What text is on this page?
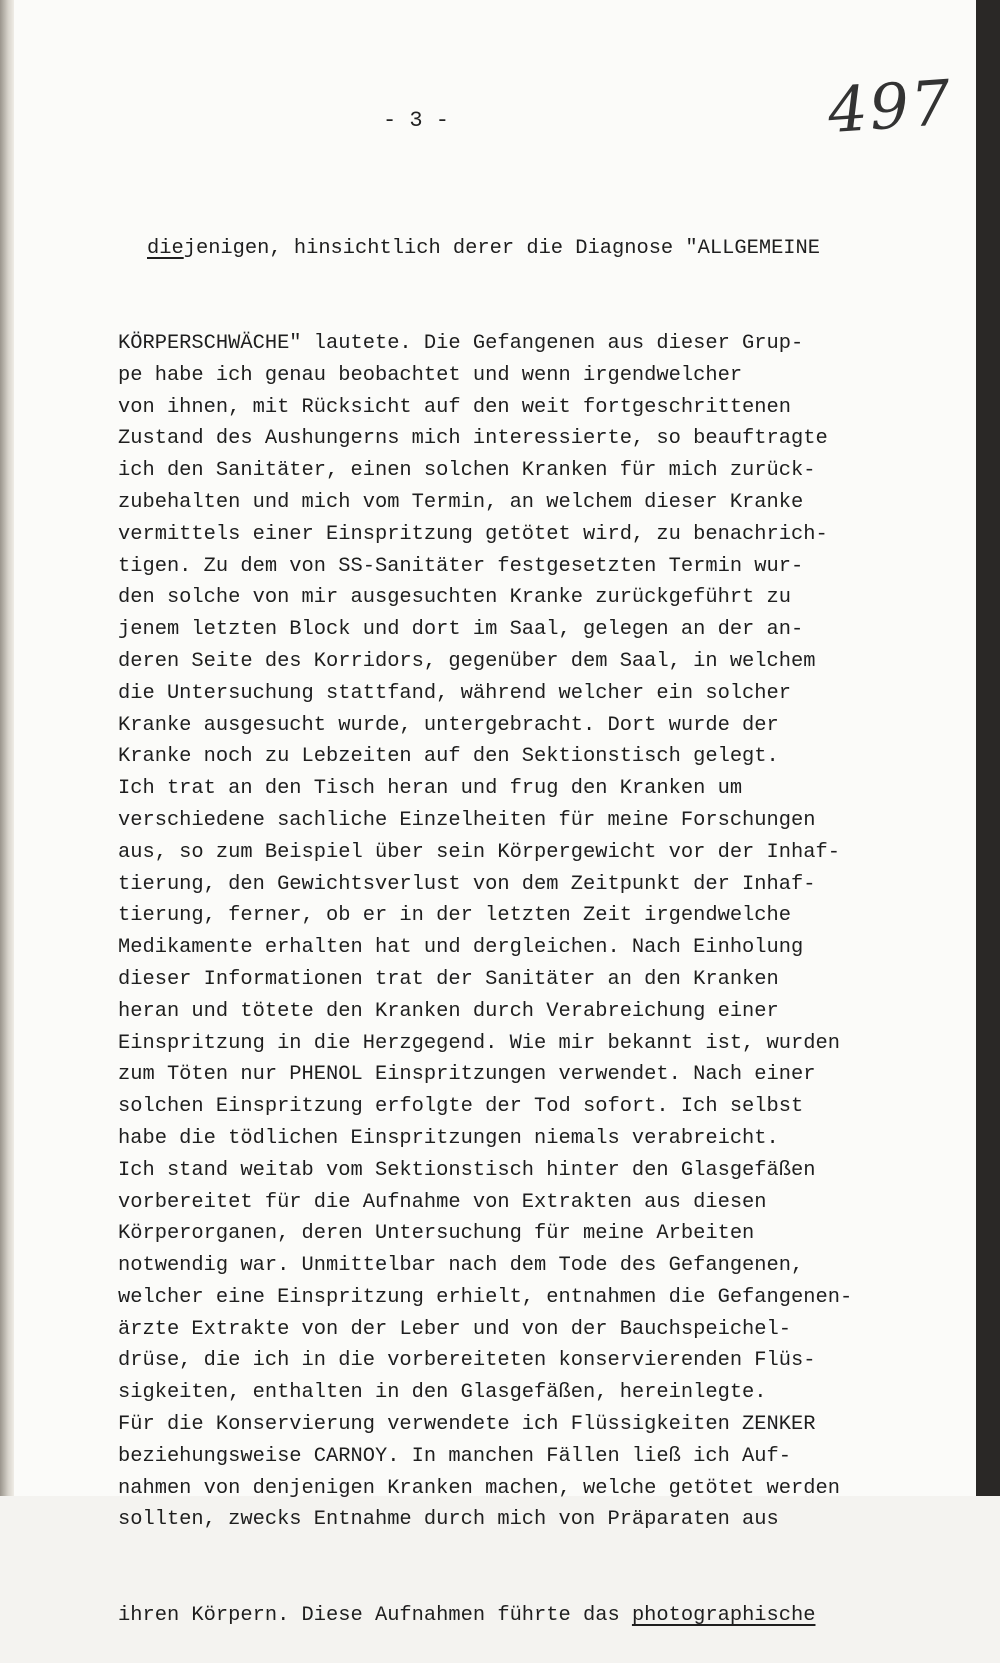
- 3 -	497

diejenigen, hinsichtlich derer die Diagnose "ALLGEMEINE

KÖRPERSCHWÄCHE" lautete. Die Gefangenen aus dieser Grup-
pe habe ich genau beobachtet und wenn irgendwelcher
von ihnen, mit Rücksicht auf den weit fortgeschrittenen
Zustand des Aushungerns mich interessierte, so beauftragte
ich den Sanitäter, einen solchen Kranken für mich zurück-
zubehalten und mich vom Termin, an welchem dieser Kranke
vermittels einer Einspritzung getötet wird, zu benachrich-
tigen. Zu dem von SS-Sanitäter festgesetzten Termin wur-
den solche von mir ausgesuchten Kranke zurückgeführt zu
jenem letzten Block und dort im Saal, gelegen an der an-
deren Seite des Korridors, gegenüber dem Saal, in welchem
die Untersuchung stattfand, während welcher ein solcher
Kranke ausgesucht wurde, untergebracht. Dort wurde der
Kranke noch zu Lebzeiten auf den Sektionstisch gelegt.
Ich trat an den Tisch heran und frug den Kranken um
verschiedene sachliche Einzelheiten für meine Forschungen
aus, so zum Beispiel über sein Körpergewicht vor der Inhaf-
tierung, den Gewichtsverlust von dem Zeitpunkt der Inhaf-
tierung, ferner, ob er in der letzten Zeit irgendwelche
Medikamente erhalten hat und dergleichen. Nach Einholung
dieser Informationen trat der Sanitäter an den Kranken
heran und tötete den Kranken durch Verabreichung einer
Einspritzung in die Herzgegend. Wie mir bekannt ist, wurden
zum Töten nur PHENOL Einspritzungen verwendet. Nach einer
solchen Einspritzung erfolgte der Tod sofort. Ich selbst
habe die tödlichen Einspritzungen niemals verabreicht.
Ich stand weitab vom Sektionstisch hinter den Glasgefäßen
vorbereitet für die Aufnahme von Extrakten aus diesen
Körperorganen, deren Untersuchung für meine Arbeiten
notwendig war. Unmittelbar nach dem Tode des Gefangenen,
welcher eine Einspritzung erhielt, entnahmen die Gefangenen-
ärzte Extrakte von der Leber und von der Bauchspeichel-
drüse, die ich in die vorbereiteten konservierenden Flüs-
sigkeiten, enthalten in den Glasgefäßen, hereinlegte.
Für die Konservierung verwendete ich Flüssigkeiten ZENKER
beziehungsweise CARNOY. In manchen Fällen ließ ich Auf-
nahmen von denjenigen Kranken machen, welche getötet werden
sollten, zwecks Entnahme durch mich von Präparaten aus

ihren Körpern. Diese Aufnahmen führte das photographische
